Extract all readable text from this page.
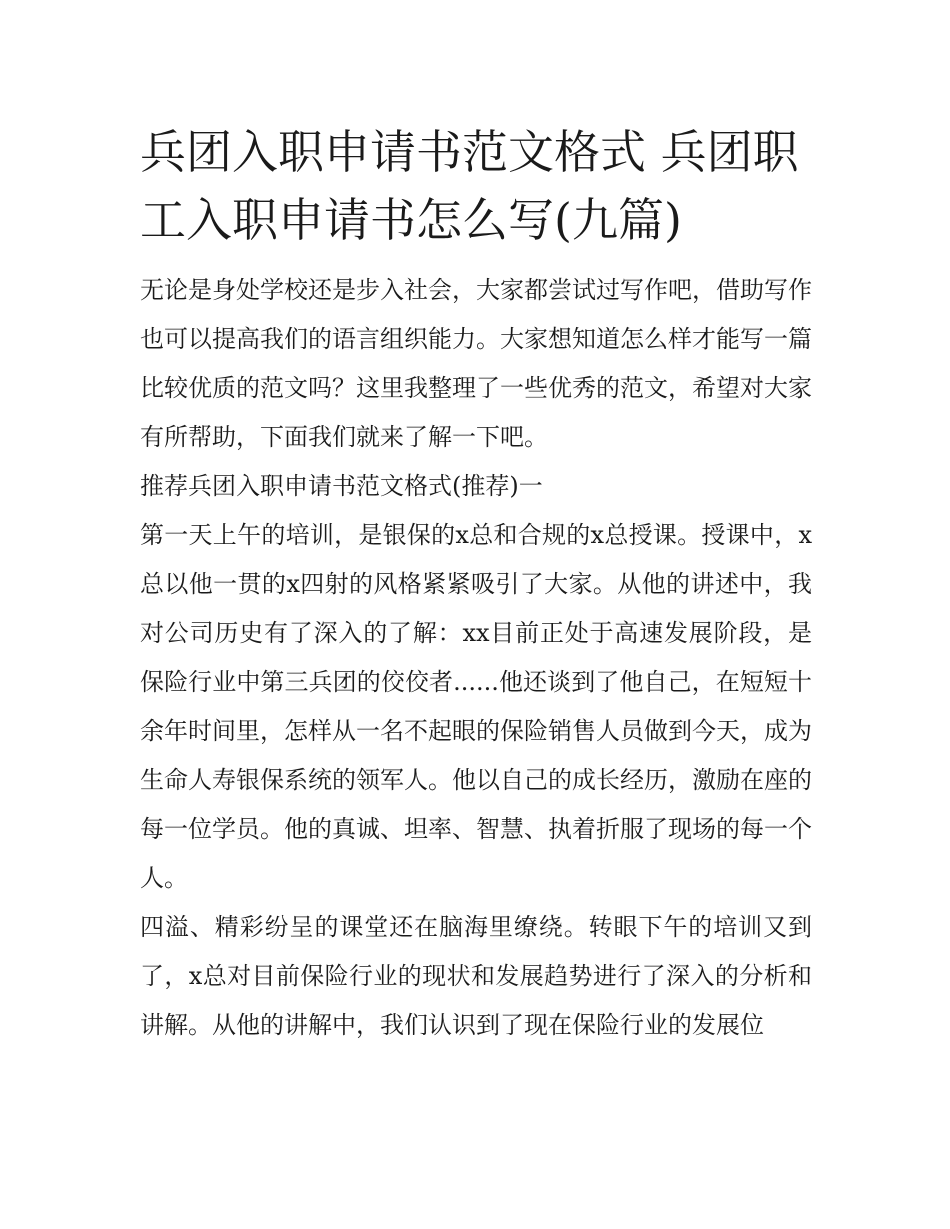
兵团入职申请书范文格式 兵团职工入职申请书怎么写(九篇)

无论是身处学校还是步入社会，大家都尝试过写作吧，借助写作也可以提高我们的语言组织能力。大家想知道怎么样才能写一篇比较优质的范文吗？这里我整理了一些优秀的范文，希望对大家有所帮助，下面我们就来了解一下吧。

推荐兵团入职申请书范文格式(推荐)一

第一天上午的培训，是银保的x总和合规的x总授课。授课中，x总以他一贯的x四射的风格紧紧吸引了大家。从他的讲述中，我对公司历史有了深入的了解：xx目前正处于高速发展阶段，是保险行业中第三兵团的佼佼者......他还谈到了他自己，在短短十余年时间里，怎样从一名不起眼的保险销售人员做到今天，成为生命人寿银保系统的领军人。他以自己的成长经历，激励在座的每一位学员。他的真诚、坦率、智慧、执着折服了现场的每一个人。

四溢、精彩纷呈的课堂还在脑海里缭绕。转眼下午的培训又到了，x总对目前保险行业的现状和发展趋势进行了深入的分析和讲解。从他的讲解中，我们认识到了现在保险行业的发展位
